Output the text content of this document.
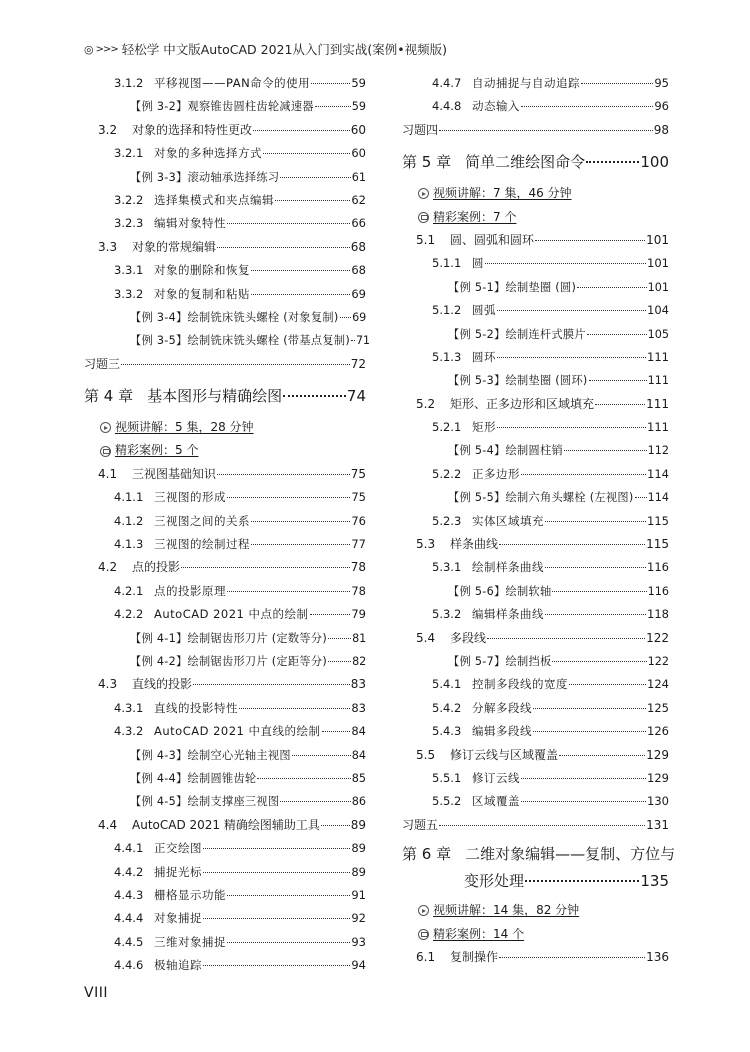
◎ >>> 轻松学 中文版AutoCAD 2021从入门到实战(案例•视频版)
3.1.2 平移视图——PAN命令的使用	59
【例 3-2】观察锥齿圆柱齿轮减速器	59
3.2	对象的选择和特性更改	60
3.2.1 对象的多种选择方式	60
【例 3-3】滚动轴承选择练习	61
3.2.2 选择集模式和夹点编辑	62
3.2.3 编辑对象特性	66
3.3	对象的常规编辑	68
3.3.1 对象的删除和恢复	68
3.3.2 对象的复制和粘贴	69
【例 3-4】绘制铣床铣头螺栓 (对象复制) 69
【例 3-5】绘制铣床铣头螺栓 (带基点复制) 71
习题三	72
第 4 章 基本图形与精确绘图	74
视频讲解：5 集，28 分钟
精彩案例：5 个
4.1	三视图基础知识	75
4.1.1 三视图的形成	75
4.1.2 三视图之间的关系	76
4.1.3 三视图的绘制过程	77
4.2	点的投影	78
4.2.1 点的投影原理	78
4.2.2 AutoCAD 2021 中点的绘制	79
【例 4-1】绘制锯齿形刀片 (定数等分) 81
【例 4-2】绘制锯齿形刀片 (定距等分) 82
4.3	直线的投影	83
4.3.1 直线的投影特性	83
4.3.2 AutoCAD 2021 中直线的绘制	84
【例 4-3】绘制空心光轴主视图	84
【例 4-4】绘制圆锥齿轮	85
【例 4-5】绘制支撑座三视图	86
4.4	AutoCAD 2021 精确绘图辅助工具	89
4.4.1 正交绘图	89
4.4.2 捕捉光标	89
4.4.3 栅格显示功能	91
4.4.4 对象捕捉	92
4.4.5 三维对象捕捉	93
4.4.6 极轴追踪	94
4.4.7 自动捕捉与自动追踪	95
4.4.8 动态输入	96
习题四	98
第 5 章 简单二维绘图命令	100
视频讲解：7 集，46 分钟
精彩案例：7 个
5.1	圆、圆弧和圆环	101
5.1.1 圆	101
【例 5-1】绘制垫圈 (圆)	101
5.1.2 圆弧	104
【例 5-2】绘制连杆式膜片	105
5.1.3 圆环	111
【例 5-3】绘制垫圈 (圆环)	111
5.2	矩形、正多边形和区域填充	111
5.2.1 矩形	111
【例 5-4】绘制圆柱销	112
5.2.2 正多边形	114
【例 5-5】绘制六角头螺栓 (左视图) 114
5.2.3 实体区域填充	115
5.3	样条曲线	115
5.3.1 绘制样条曲线	116
【例 5-6】绘制软轴	116
5.3.2 编辑样条曲线	118
5.4	多段线	122
【例 5-7】绘制挡板	122
5.4.1 控制多段线的宽度	124
5.4.2 分解多段线	125
5.4.3 编辑多段线	126
5.5	修订云线与区域覆盖	129
5.5.1 修订云线	129
5.5.2 区域覆盖	130
习题五	131
第 6 章 二维对象编辑——复制、方位与
变形处理	135
视频讲解：14 集，82 分钟
精彩案例：14 个
6.1	复制操作	136
VIII
